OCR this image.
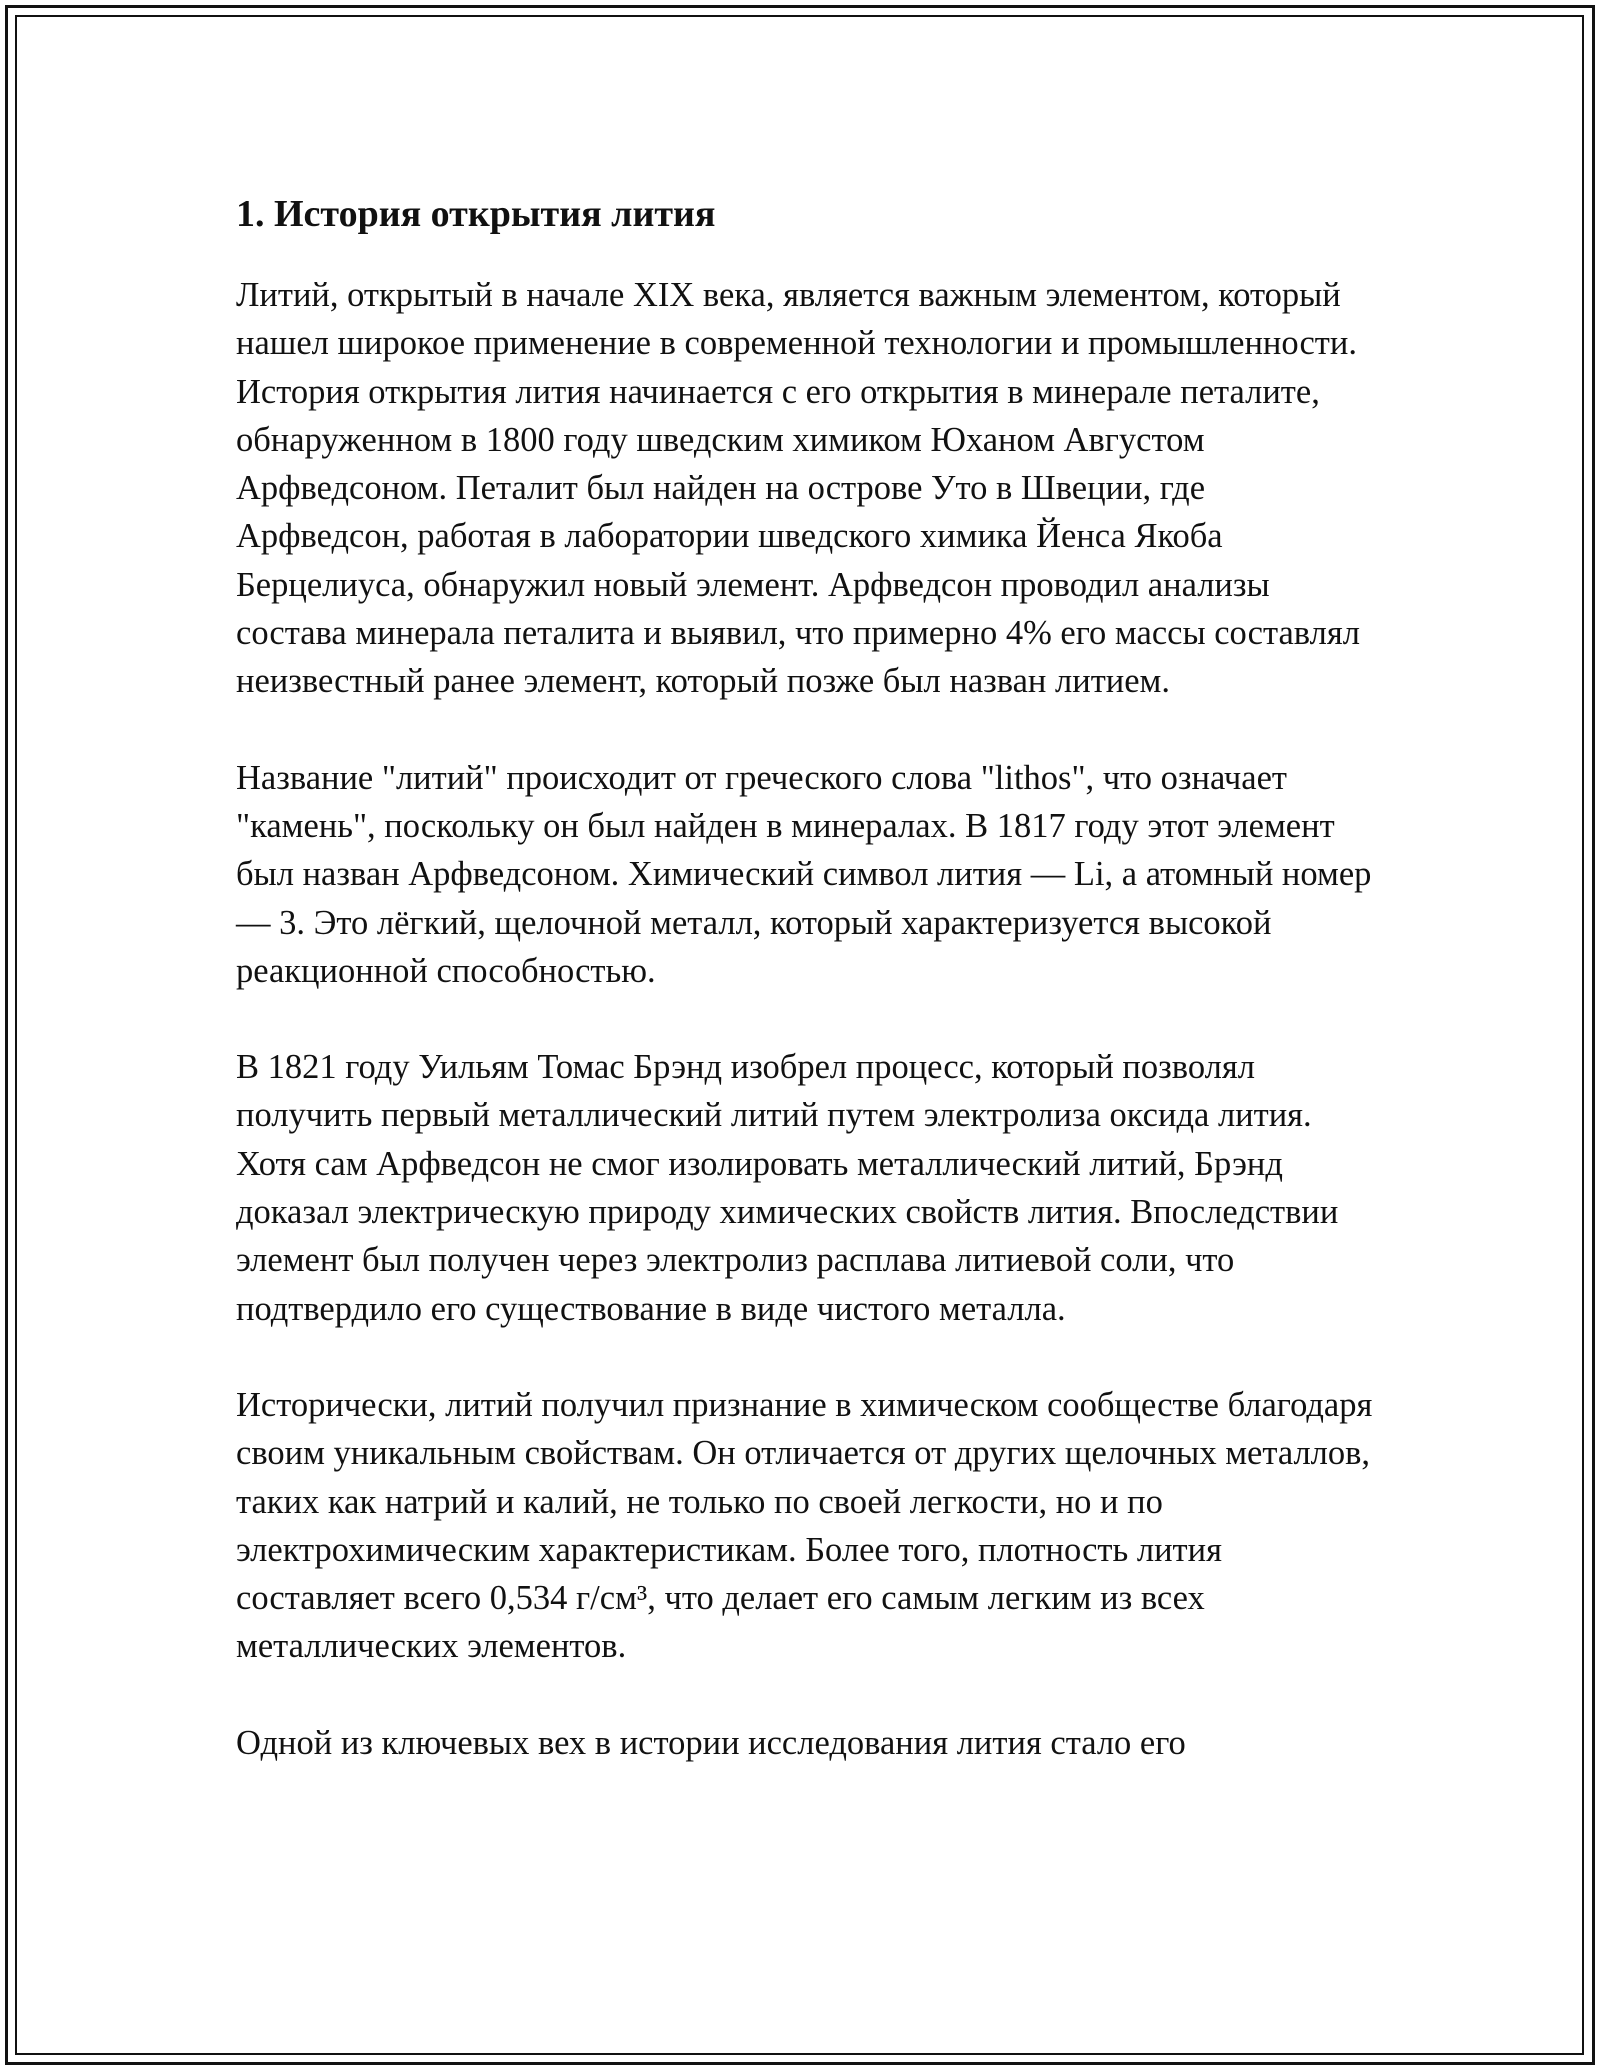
1. История открытия лития

Литий, открытый в начале XIX века, является важным элементом, который нашел широкое применение в современной технологии и промышленности. История открытия лития начинается с его открытия в минерале петалите, обнаруженном в 1800 году шведским химиком Юханом Августом Арфведсоном. Петалит был найден на острове Уто в Швеции, где Арфведсон, работая в лаборатории шведского химика Йенса Якоба Берцелиуса, обнаружил новый элемент. Арфведсон проводил анализы состава минерала петалита и выявил, что примерно 4% его массы составлял неизвестный ранее элемент, который позже был назван литием.

Название "литий" происходит от греческого слова "lithos", что означает "камень", поскольку он был найден в минералах. В 1817 году этот элемент был назван Арфведсоном. Химический символ лития — Li, а атомный номер — 3. Это лёгкий, щелочной металл, который характеризуется высокой реакционной способностью.

В 1821 году Уильям Томас Брэнд изобрел процесс, который позволял получить первый металлический литий путем электролиза оксида лития. Хотя сам Арфведсон не смог изолировать металлический литий, Брэнд доказал электрическую природу химических свойств лития. Впоследствии элемент был получен через электролиз расплава литиевой соли, что подтвердило его существование в виде чистого металла.

Исторически, литий получил признание в химическом сообществе благодаря своим уникальным свойствам. Он отличается от других щелочных металлов, таких как натрий и калий, не только по своей легкости, но и по электрохимическим характеристикам. Более того, плотность лития составляет всего 0,534 г/см³, что делает его самым легким из всех металлических элементов.

Одной из ключевых вех в истории исследования лития стало его
